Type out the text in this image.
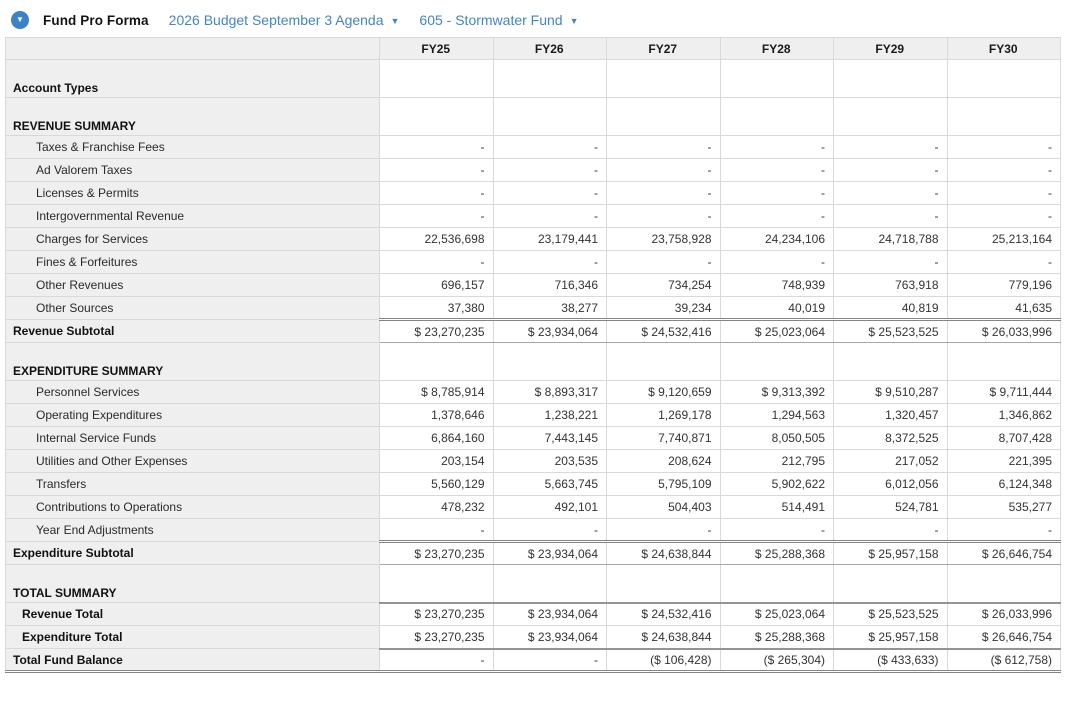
▼	Fund Pro Forma 2026 Budget September 3 Agenda ▼ 605 - Stormwater Fund ▼
	FY25	FY26	FY27	FY28	FY29	FY30
Account Types						
REVENUE SUMMARY						
Taxes & Franchise Fees	-	-	-	-	-	-
Ad Valorem Taxes	-	-	-	-	-	-
Licenses & Permits	-	-	-	-	-	-
Intergovernmental Revenue	-	-	-	-	-	-
Charges for Services	22,536,698	23,179,441	23,758,928	24,234,106	24,718,788	25,213,164
Fines & Forfeitures	-	-	-	-	-	-
Other Revenues	696,157	716,346	734,254	748,939	763,918	779,196
Other Sources	37,380	38,277	39,234	40,019	40,819	41,635
Revenue Subtotal	$ 23,270,235	$ 23,934,064	$ 24,532,416	$ 25,023,064	$ 25,523,525	$ 26,033,996
EXPENDITURE SUMMARY						
Personnel Services	$ 8,785,914	$ 8,893,317	$ 9,120,659	$ 9,313,392	$ 9,510,287	$ 9,711,444
Operating Expenditures	1,378,646	1,238,221	1,269,178	1,294,563	1,320,457	1,346,862
Internal Service Funds	6,864,160	7,443,145	7,740,871	8,050,505	8,372,525	8,707,428
Utilities and Other Expenses	203,154	203,535	208,624	212,795	217,052	221,395
Transfers	5,560,129	5,663,745	5,795,109	5,902,622	6,012,056	6,124,348
Contributions to Operations	478,232	492,101	504,403	514,491	524,781	535,277
Year End Adjustments	-	-	-	-	-	-
Expenditure Subtotal	$ 23,270,235	$ 23,934,064	$ 24,638,844	$ 25,288,368	$ 25,957,158	$ 26,646,754
TOTAL SUMMARY						
Revenue Total	$ 23,270,235	$ 23,934,064	$ 24,532,416	$ 25,023,064	$ 25,523,525	$ 26,033,996
Expenditure Total	$ 23,270,235	$ 23,934,064	$ 24,638,844	$ 25,288,368	$ 25,957,158	$ 26,646,754
Total Fund Balance	-	-	($ 106,428)	($ 265,304)	($ 433,633)	($ 612,758)
